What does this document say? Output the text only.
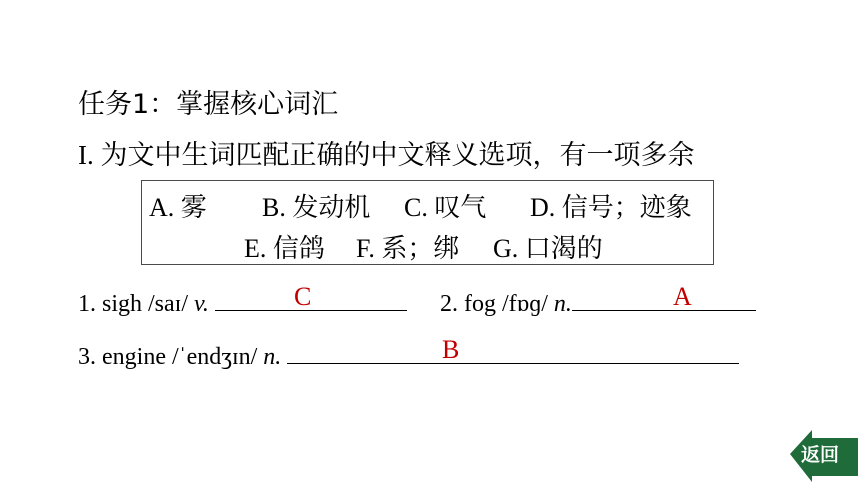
任务1：掌握核心词汇
I. 为文中生词匹配正确的中文释义选项，有一项多余
A. 雾 B. 发动机 C. 叹气 D. 信号；迹象
E. 信鸽 F. 系；绑 G. 口渴的
1. sigh /saɪ/ v.	C	2. fog /fɒɡ/ n.	A
3. engine /ˈendʒɪn/ n.	B
返回
